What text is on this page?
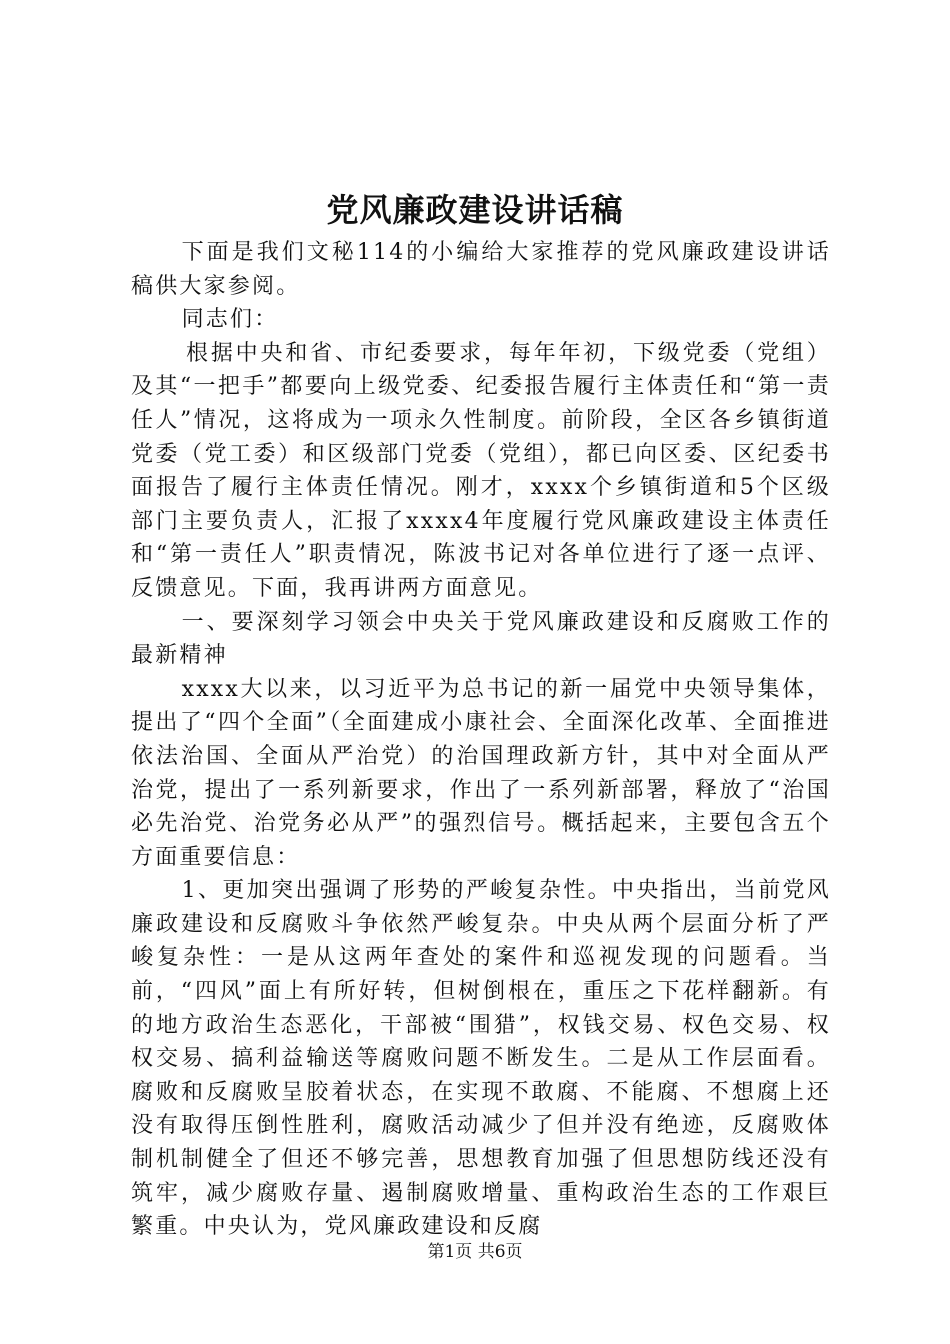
党风廉政建设讲话稿

下面是我们文秘114的小编给大家推荐的党风廉政建设讲话稿供大家参阅。

同志们：

根据中央和省、市纪委要求，每年年初，下级党委（党组）及其“一把手”都要向上级党委、纪委报告履行主体责任和“第一责任人”情况，这将成为一项永久性制度。前阶段，全区各乡镇街道党委（党工委）和区级部门党委（党组），都已向区委、区纪委书面报告了履行主体责任情况。刚才，xxxx个乡镇街道和5个区级部门主要负责人，汇报了xxxx4年度履行党风廉政建设主体责任和“第一责任人”职责情况，陈波书记对各单位进行了逐一点评、反馈意见。下面，我再讲两方面意见。

一、要深刻学习领会中央关于党风廉政建设和反腐败工作的最新精神

xxxx大以来，以习近平为总书记的新一届党中央领导集体，提出了“四个全面”（全面建成小康社会、全面深化改革、全面推进依法治国、全面从严治党）的治国理政新方针，其中对全面从严治党，提出了一系列新要求，作出了一系列新部署，释放了“治国必先治党、治党务必从严”的强烈信号。概括起来，主要包含五个方面重要信息：

1、更加突出强调了形势的严峻复杂性。中央指出，当前党风廉政建设和反腐败斗争依然严峻复杂。中央从两个层面分析了严峻复杂性：一是从这两年查处的案件和巡视发现的问题看。当前，“四风”面上有所好转，但树倒根在，重压之下花样翻新。有的地方政治生态恶化，干部被“围猎”，权钱交易、权色交易、权权交易、搞利益输送等腐败问题不断发生。二是从工作层面看。腐败和反腐败呈胶着状态，在实现不敢腐、不能腐、不想腐上还没有取得压倒性胜利，腐败活动减少了但并没有绝迹，反腐败体制机制健全了但还不够完善，思想教育加强了但思想防线还没有筑牢，减少腐败存量、遏制腐败增量、重构政治生态的工作艰巨繁重。中央认为，党风廉政建设和反腐

第1页 共6页
